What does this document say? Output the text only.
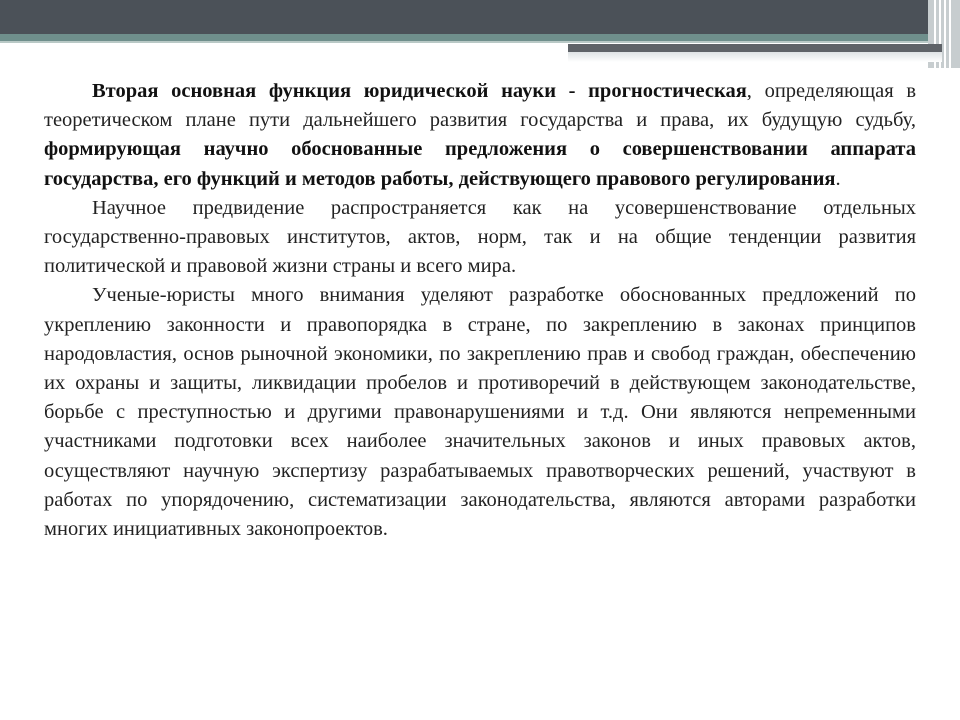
Вторая основная функция юридической науки - прогностическая, определяющая в теоретическом плане пути дальнейшего развития государства и права, их будущую судьбу, формирующая научно обоснованные предложения о совершенствовании аппарата государства, его функций и методов работы, действующего правового регулирования.

Научное предвидение распространяется как на усовершенствование отдельных государственно-правовых институтов, актов, норм, так и на общие тенденции развития политической и правовой жизни страны и всего мира.

Ученые-юристы много внимания уделяют разработке обоснованных предложений по укреплению законности и правопорядка в стране, по закреплению в законах принципов народовластия, основ рыночной экономики, по закреплению прав и свобод граждан, обеспечению их охраны и защиты, ликвидации пробелов и противоречий в действующем законодательстве, борьбе с преступностью и другими правонарушениями и т.д. Они являются непременными участниками подготовки всех наиболее значительных законов и иных правовых актов, осуществляют научную экспертизу разрабатываемых правотворческих решений, участвуют в работах по упорядочению, систематизации законодательства, являются авторами разработки многих инициативных законопроектов.
